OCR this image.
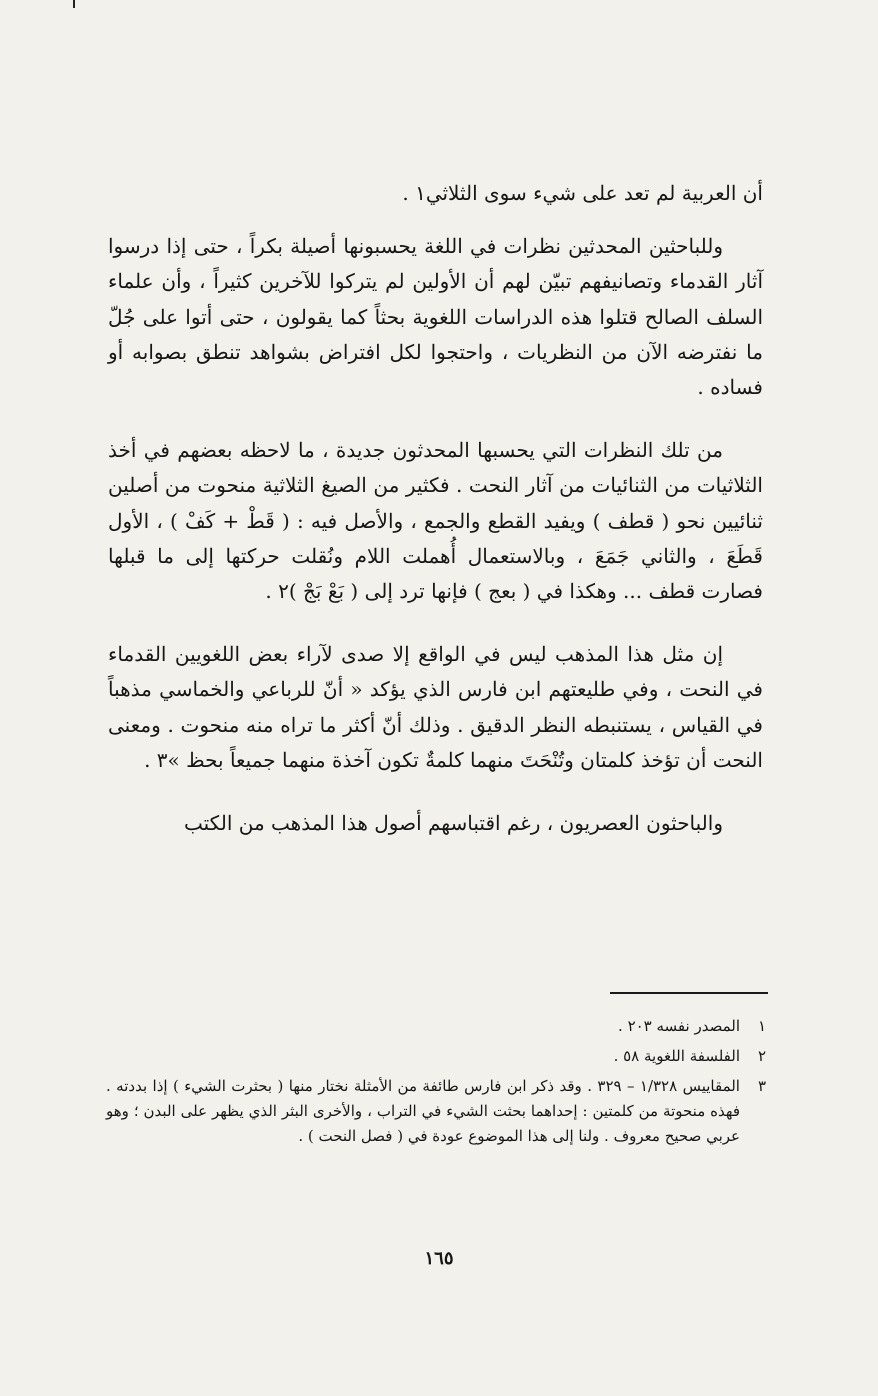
أن العربية لم تعد على شيء سوى الثلاثي١ .

وللباحثين المحدثين نظرات في اللغة يحسبونها أصيلة بكراً ، حتى إذا درسوا آثار القدماء وتصانيفهم تبيّن لهم أن الأولين لم يتركوا للآخرين كثيراً ، وأن علماء السلف الصالح قتلوا هذه الدراسات اللغوية بحثاً كما يقولون ، حتى أتوا على جُلّ ما نفترضه الآن من النظريات ، واحتجوا لكل افتراض بشواهد تنطق بصوابه أو فساده .

من تلك النظرات التي يحسبها المحدثون جديدة ، ما لاحظه بعضهم في أخذ الثلاثيات من الثنائيات من آثار النحت . فكثير من الصيغ الثلاثية منحوت من أصلين ثنائيين نحو ( قطف ) ويفيد القطع والجمع ، والأصل فيه : ( قَطْ + كَفْ ) ، الأول قَطَعَ ، والثاني جَمَعَ ، وبالاستعمال أُهملت اللام ونُقلت حركتها إلى ما قبلها فصارت قطف ... وهكذا في ( بعج ) فإنها ترد إلى ( بَعْ بَجْ )٢ .

إن مثل هذا المذهب ليس في الواقع إلا صدى لآراء بعض اللغويين القدماء في النحت ، وفي طليعتهم ابن فارس الذي يؤكد « أنّ للرباعي والخماسي مذهباً في القياس ، يستنبطه النظر الدقيق . وذلك أنّ أكثر ما تراه منه منحوت . ومعنى النحت أن تؤخذ كلمتان وتُنْحَتَ منهما كلمةٌ تكون آخذة منهما جميعاً بحظ »٣ .

والباحثون العصريون ، رغم اقتباسهم أصول هذا المذهب من الكتب

١
المصدر نفسه ٢٠٣ .
٢
الفلسفة اللغوية ٥٨ .
٣
المقاييس ١/٣٢٨ – ٣٢٩ . وقد ذكر ابن فارس طائفة من الأمثلة نختار منها ( بحثرت الشيء ) إذا بددته . فهذه منحوتة من كلمتين : إحداهما بحثت الشيء في التراب ، والأخرى البثر الذي يظهر على البدن ؛ وهو عربي صحيح معروف . ولنا إلى هذا الموضوع عودة في ( فصل النحت ) .
١٦٥
